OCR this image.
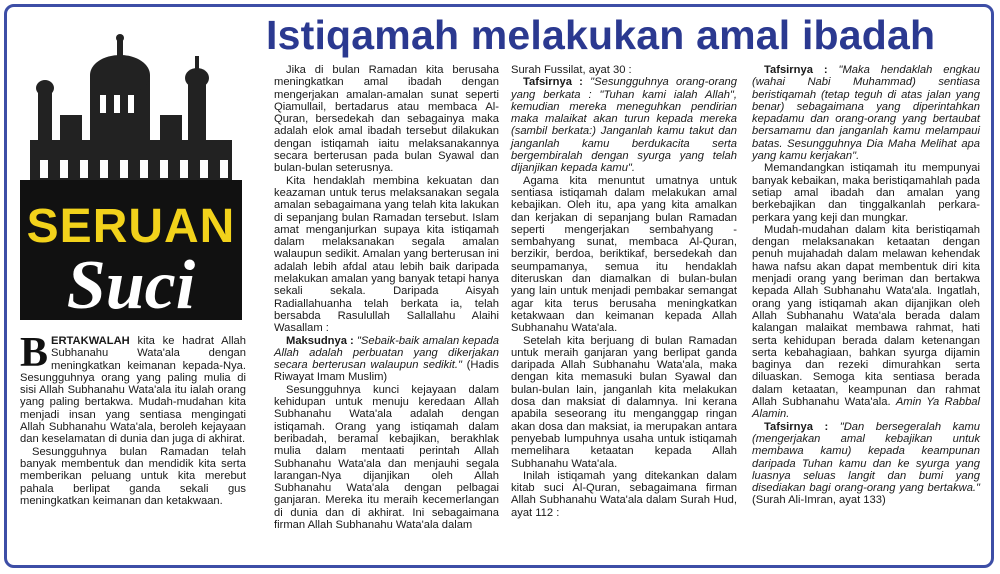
Istiqamah melakukan amal ibadah
SERUAN
Suci

BERTAKWALAH kita ke hadrat Allah Subhanahu Wata'ala dengan meningkatkan keimanan kepada-Nya. Sesungguhnya orang yang paling mulia di sisi Allah Subhanahu Wata'ala itu ialah orang yang paling bertakwa. Mudah-mudahan kita menjadi insan yang sentiasa mengingati Allah Subhanahu Wata'ala, beroleh kejayaan dan keselamatan di dunia dan juga di akhirat.

Sesungguhnya bulan Ramadan telah banyak membentuk dan mendidik kita serta memberikan peluang untuk kita merebut pahala berlipat ganda sekali gus meningkatkan keimanan dan ketakwaan.

Jika di bulan Ramadan kita berusaha meningkatkan amal ibadah dengan mengerjakan amalan-amalan sunat seperti Qiamullail, bertadarus atau membaca Al-Quran, bersedekah dan sebagainya maka adalah elok amal ibadah tersebut dilakukan dengan istiqamah iaitu melaksanakannya secara berterusan pada bulan Syawal dan bulan-bulan seterusnya.

Kita hendaklah membina kekuatan dan keazaman untuk terus melaksanakan segala amalan sebagaimana yang telah kita lakukan di sepanjang bulan Ramadan tersebut. Islam amat menganjurkan supaya kita istiqamah dalam melaksanakan segala amalan walaupun sedikit. Amalan yang berterusan ini adalah lebih afdal atau lebih baik daripada melakukan amalan yang banyak tetapi hanya sekali sekala. Daripada Aisyah Radiallahuanha telah berkata ia, telah bersabda Rasulullah Sallallahu Alaihi Wasallam :

Maksudnya : "Sebaik-baik amalan kepada Allah adalah perbuatan yang dikerjakan secara berterusan walaupun sedikit." (Hadis Riwayat Imam Muslim)

Sesungguhnya kunci kejayaan dalam kehidupan untuk menuju keredaan Allah Subhanahu Wata'ala adalah dengan istiqamah. Orang yang istiqamah dalam beribadah, beramal kebajikan, berakhlak mulia dalam mentaati perintah Allah Subhanahu Wata'ala dan menjauhi segala larangan-Nya dijanjikan oleh Allah Subhanahu Wata'ala dengan pelbagai ganjaran. Mereka itu meraih kecemerlangan di dunia dan di akhirat. Ini sebagaimana firman Allah Subhanahu Wata'ala dalam

Surah Fussilat, ayat 30 :

Tafsirnya : "Sesungguhnya orang-orang yang berkata : "Tuhan kami ialah Allah", kemudian mereka meneguhkan pendirian maka malaikat akan turun kepada mereka (sambil berkata:) Janganlah kamu takut dan janganlah kamu berdukacita serta bergembiralah dengan syurga yang telah dijanjikan kepada kamu".

Agama kita menuntut umatnya untuk sentiasa istiqamah dalam melakukan amal kebajikan. Oleh itu, apa yang kita amalkan dan kerjakan di sepanjang bulan Ramadan seperti mengerjakan sembahyang - sembahyang sunat, membaca Al-Quran, berzikir, berdoa, beriktikaf, bersedekah dan seumpamanya, semua itu hendaklah diteruskan dan diamalkan di bulan-bulan yang lain untuk menjadi pembakar semangat agar kita terus berusaha meningkatkan ketakwaan dan keimanan kepada Allah Subhanahu Wata'ala.

Setelah kita berjuang di bulan Ramadan untuk meraih ganjaran yang berlipat ganda daripada Allah Subhanahu Wata'ala, maka dengan kita memasuki bulan Syawal dan bulan-bulan lain, janganlah kita melakukan dosa dan maksiat di dalamnya. Ini kerana apabila seseorang itu menganggap ringan akan dosa dan maksiat, ia merupakan antara penyebab lumpuhnya usaha untuk istiqamah memelihara ketaatan kepada Allah Subhanahu Wata'ala.

Inilah istiqamah yang ditekankan dalam kitab suci Al-Quran, sebagaimana firman Allah Subhanahu Wata'ala dalam Surah Hud, ayat 112 :

Tafsirnya : "Maka hendaklah engkau (wahai Nabi Muhammad) sentiasa beristiqamah (tetap teguh di atas jalan yang benar) sebagaimana yang diperintahkan kepadamu dan orang-orang yang bertaubat bersamamu dan janganlah kamu melampaui batas. Sesungguhnya Dia Maha Melihat apa yang kamu kerjakan".

Memandangkan istiqamah itu mempunyai banyak kebaikan, maka beristiqamahlah pada setiap amal ibadah dan amalan yang berkebajikan dan tinggalkanlah perkara-perkara yang keji dan mungkar.

Mudah-mudahan dalam kita beristiqamah dengan melaksanakan ketaatan dengan penuh mujahadah dalam melawan kehendak hawa nafsu akan dapat membentuk diri kita menjadi orang yang beriman dan bertakwa kepada Allah Subhanahu Wata'ala. Ingatlah, orang yang istiqamah akan dijanjikan oleh Allah Subhanahu Wata'ala berada dalam kalangan malaikat membawa rahmat, hati serta kehidupan berada dalam ketenangan serta kebahagiaan, bahkan syurga dijamin baginya dan rezeki dimurahkan serta diluaskan. Semoga kita sentiasa berada dalam ketaatan, keampunan dan rahmat Allah Subhanahu Wata'ala. Amin Ya Rabbal Alamin.

Tafsirnya : "Dan bersegeralah kamu (mengerjakan amal kebajikan untuk membawa kamu) kepada keampunan daripada Tuhan kamu dan ke syurga yang luasnya seluas langit dan bumi yang disediakan bagi orang-orang yang bertakwa." (Surah Ali-Imran, ayat 133)
